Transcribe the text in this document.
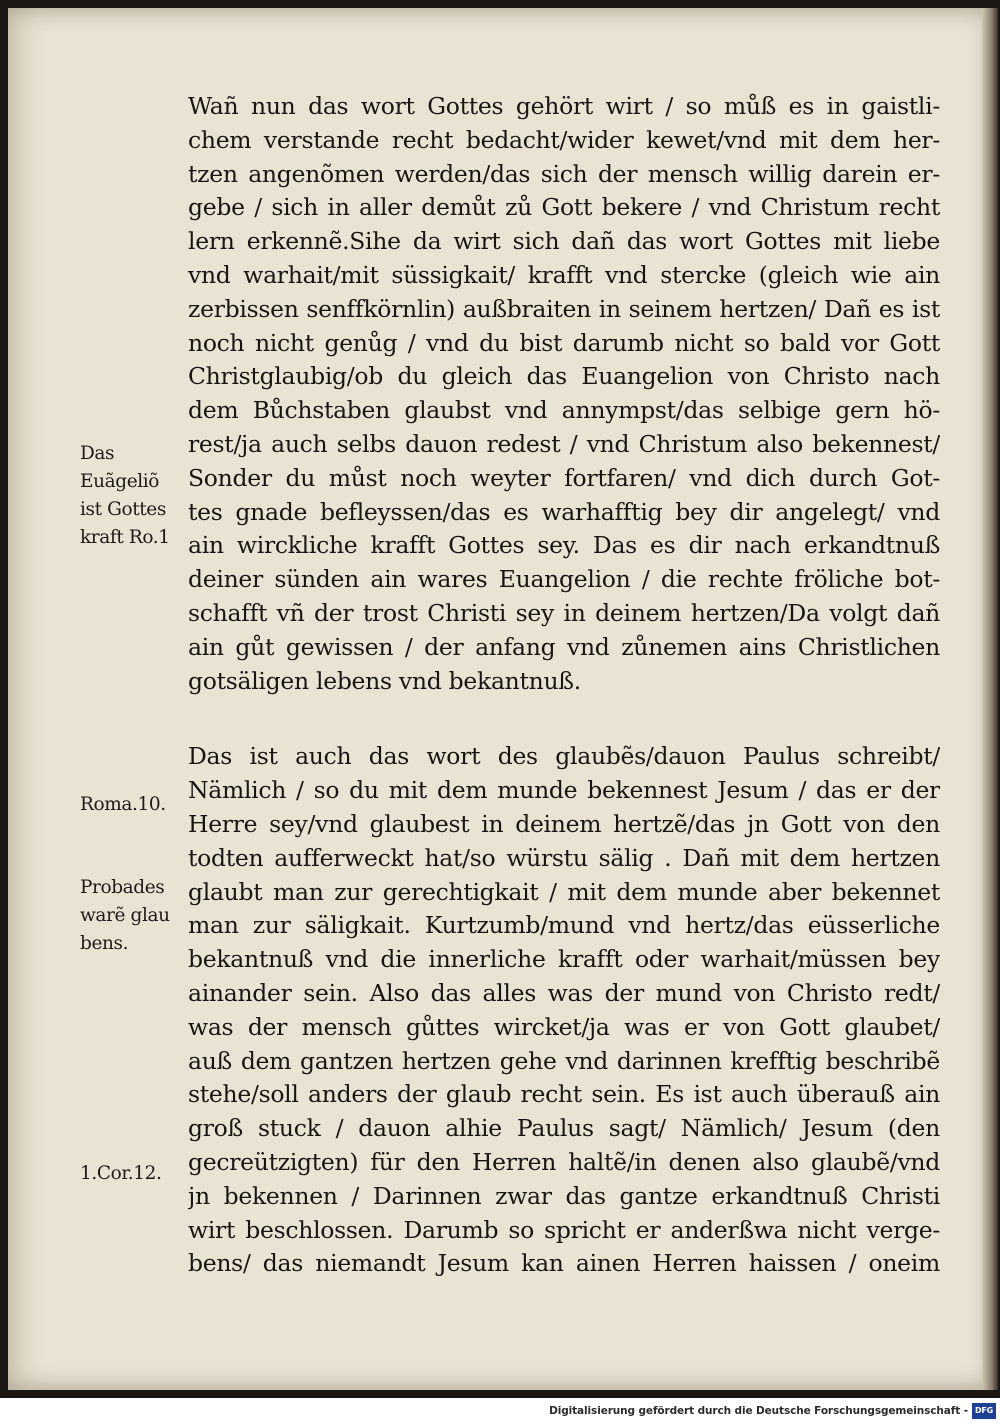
Wañ nun das wort Gottes gehört wirt / so můß es in gaistli-
chem verstande recht bedacht/wider kewet/vnd mit dem her-
tzen angenõmen werden/das sich der mensch willig darein er-
gebe / sich in aller demůt zů Gott bekere / vnd Christum recht
lern erkennẽ.Sihe da wirt sich dañ das wort Gottes mit liebe
vnd warhait/mit süssigkait/ krafft vnd stercke (gleich wie ain
zerbissen senffkörnlin) außbraiten in seinem hertzen/ Dañ es ist
noch nicht genůg / vnd du bist darumb nicht so bald vor Gott
Christglaubig/ob du gleich das Euangelion von Christo nach
dem Bůchstaben glaubst vnd annympst/das selbige gern hö-
rest/ja auch selbs dauon redest / vnd Christum also bekennest/
Sonder du můst noch weyter fortfaren/ vnd dich durch Got-
tes gnade befleyssen/das es warhafftig bey dir angelegt/ vnd
ain wirckliche krafft Gottes sey. Das es dir nach erkandtnuß
deiner sünden ain wares Euangelion / die rechte fröliche bot-
schafft vñ der trost Christi sey in deinem hertzen/Da volgt dañ
ain gůt gewissen / der anfang vnd zůnemen ains Christlichen
gotsäligen lebens vnd bekantnuß.
Das ist auch das wort des glaubẽs/dauon Paulus schreibt/
Nämlich / so du mit dem munde bekennest Jesum / das er der
Herre sey/vnd glaubest in deinem hertzẽ/das jn Gott von den
todten aufferweckt hat/so würstu sälig . Dañ mit dem hertzen
glaubt man zur gerechtigkait / mit dem munde aber bekennet
man zur säligkait. Kurtzumb/mund vnd hertz/das eüsserliche
bekantnuß vnd die innerliche krafft oder warhait/müssen bey
ainander sein. Also das alles was der mund von Christo redt/
was der mensch gůttes wircket/ja was er von Gott glaubet/
auß dem gantzen hertzen gehe vnd darinnen krefftig beschribẽ
stehe/soll anders der glaub recht sein. Es ist auch überauß ain
groß stuck / dauon alhie Paulus sagt/ Nämlich/ Jesum (den
gecreützigten) für den Herren haltẽ/in denen also glaubẽ/vnd
jn bekennen / Darinnen zwar das gantze erkandtnuß Christi
wirt beschlossen. Darumb so spricht er anderßwa nicht verge-
bens/ das niemandt Jesum kan ainen Herren haissen / oneim
Das
Euãgeliõ
ist Gottes
kraft Ro.1
Roma.10.
Probades
warẽ glau
bens.
1.Cor.12.
Digitalisierung gefördert durch die Deutsche Forschungsgemeinschaft - DFG
